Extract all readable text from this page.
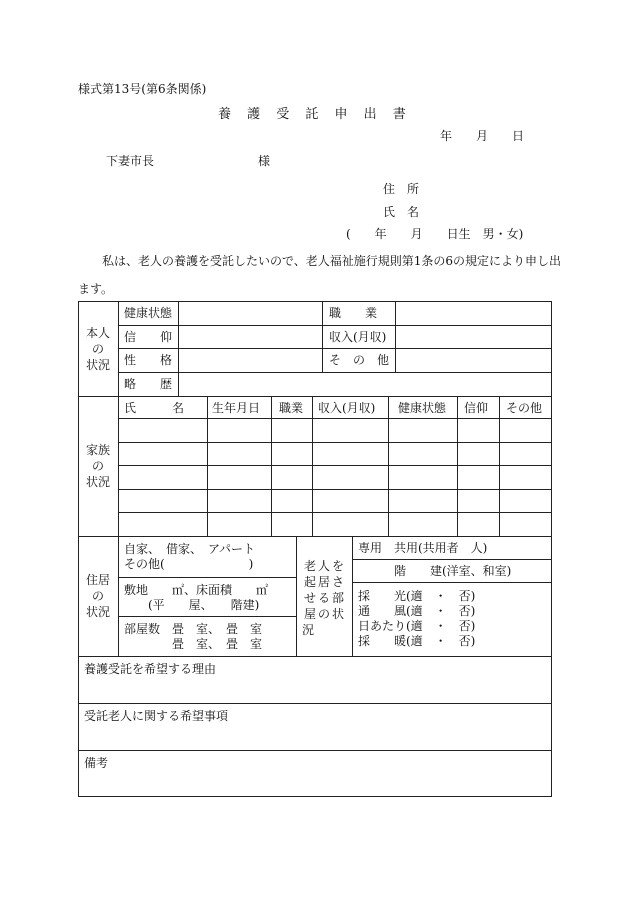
様式第13号(第6条関係)
養 護 受 託 申 出 書
年　　月　　日
下妻市長	様
住　所
氏　名
(　　年　　月　　日生　男・女)
私は、老人の養護を受託したいので、老人福祉施行規則第1条の6の規定により申し出
ます。
本人
の
状況
健康状態	職　　業
信　　仰	収入(月収)
性　　格	そ　の　他
略　　歴
家族
の
状況
氏　　　名 生年月日 職業 収入(月収) 健康状態 信仰 その他
住居
の
状況
自家、　借家、　アパート
その他(　　　　　　　)
敷地　　㎡、床面積　　㎡
(平　　屋、　　階建)
部屋数　畳　室、　畳　室
畳　室、　畳　室
老人を
起居さ
せる部
屋の状
況
専用　共用(共用者　人)
階　　建(洋室、和室)
採　　光(適　・　否)
通　　風(適　・　否)
日あたり(適　・　否)
採　　暖(適　・　否)
養護受託を希望する理由
受託老人に関する希望事項
備考
